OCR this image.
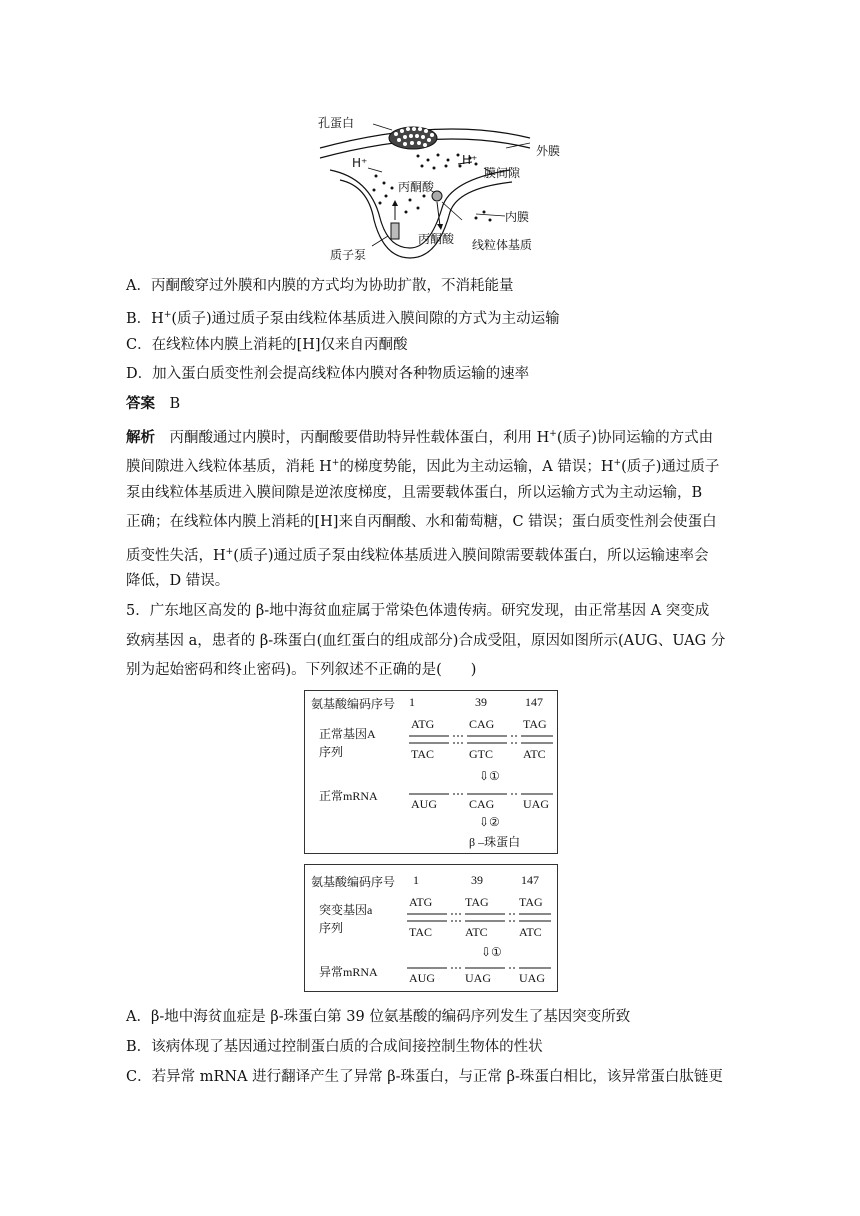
孔蛋白
外膜
H⁺	H⁺
膜间隙
丙酮酸
内膜
丙酮酸 线粒体基质
质子泵
A．丙酮酸穿过外膜和内膜的方式均为协助扩散，不消耗能量
B．H+(质子)通过质子泵由线粒体基质进入膜间隙的方式为主动运输
C．在线粒体内膜上消耗的[H]仅来自丙酮酸
D．加入蛋白质变性剂会提高线粒体内膜对各种物质运输的速率
答案　 B
解析　 丙酮酸通过内膜时，丙酮酸要借助特异性载体蛋白，利用 H+(质子)协同运输的方式由
膜间隙进入线粒体基质，消耗 H+的梯度势能，因此为主动运输，A 错误；H+(质子)通过质子
泵由线粒体基质进入膜间隙是逆浓度梯度，且需要载体蛋白，所以运输方式为主动运输，B
正确；在线粒体内膜上消耗的[H]来自丙酮酸、水和葡萄糖，C 错误；蛋白质变性剂会使蛋白
质变性失活，H+(质子)通过质子泵由线粒体基质进入膜间隙需要载体蛋白，所以运输速率会
降低，D 错误。
5．广东地区高发的 β-地中海贫血症属于常染色体遗传病。研究发现，由正常基因 A 突变成
致病基因 a，患者的 β-珠蛋白(血红蛋白的组成部分)合成受阻，原因如图所示(AUG、UAG 分
别为起始密码和终止密码)。下列叙述不正确的是(　　)
氨基酸编码序号 1	39	147
正常基因A
序列
ATG	CAG TAG
TAC	GTC	ATC
⇩①
正常mRNA
AUG	CAG UAG
⇩②
β –珠蛋白
氨基酸编码序号 1	39	147
突变基因a
序列
ATG	TAG	TAG
TAC	ATC	ATC
⇩①
异常mRNA	AUG	UAG UAG
A．β-地中海贫血症是 β-珠蛋白第 39 位氨基酸的编码序列发生了基因突变所致
B．该病体现了基因通过控制蛋白质的合成间接控制生物体的性状
C．若异常 mRNA 进行翻译产生了异常 β-珠蛋白，与正常 β-珠蛋白相比，该异常蛋白肽链更
